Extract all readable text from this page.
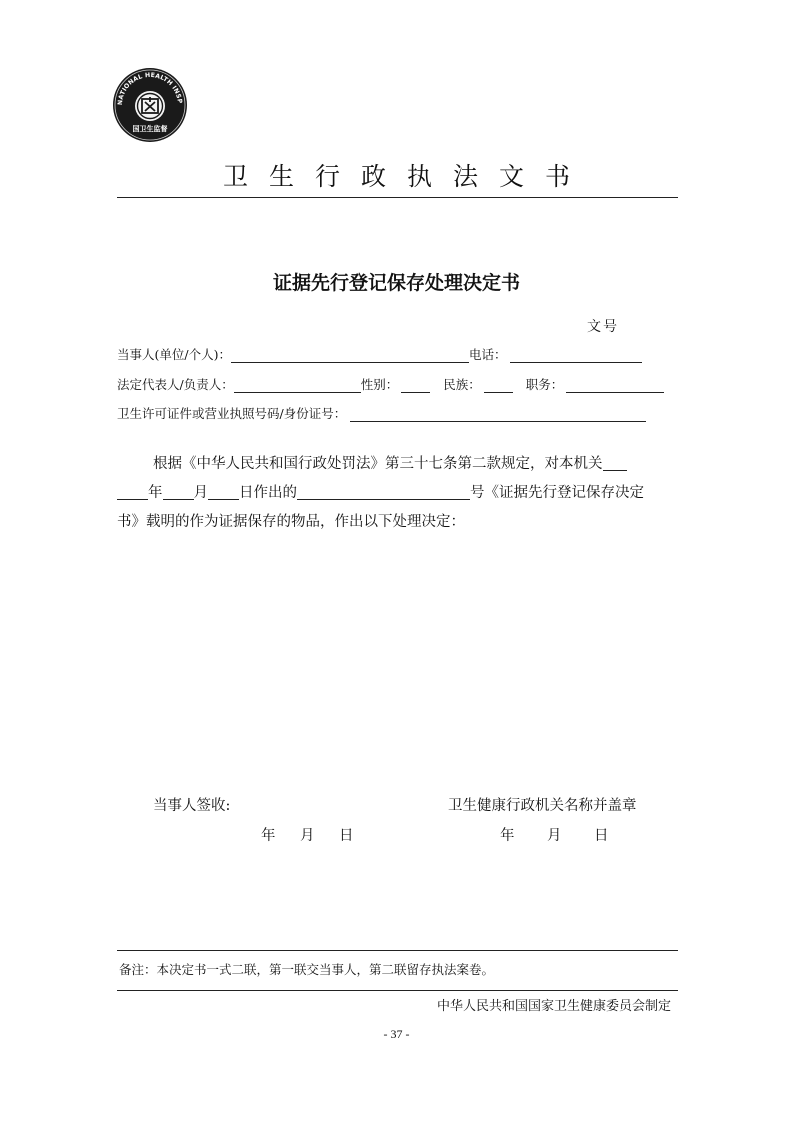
NATIONAL HEALTH INSP
国卫生监督
卫生行政执法文书
证据先行登记保存处理决定书
文号
当事人(单位/个人)：	电话：
法定代表人/负责人：	性别：	民族：	职务：
卫生许可证件或营业执照号码/身份证号：
根据《中华人民共和国行政处罚法》第三十七条第二款规定，对本机关
年 月 日作出的	号《证据先行登记保存决定
书》载明的作为证据保存的物品，作出以下处理决定：
当事人签收:	卫生健康行政机关名称并盖章
年 月 日	年 月 日
备注：本决定书一式二联，第一联交当事人，第二联留存执法案卷。
中华人民共和国国家卫生健康委员会制定
- 37 -
